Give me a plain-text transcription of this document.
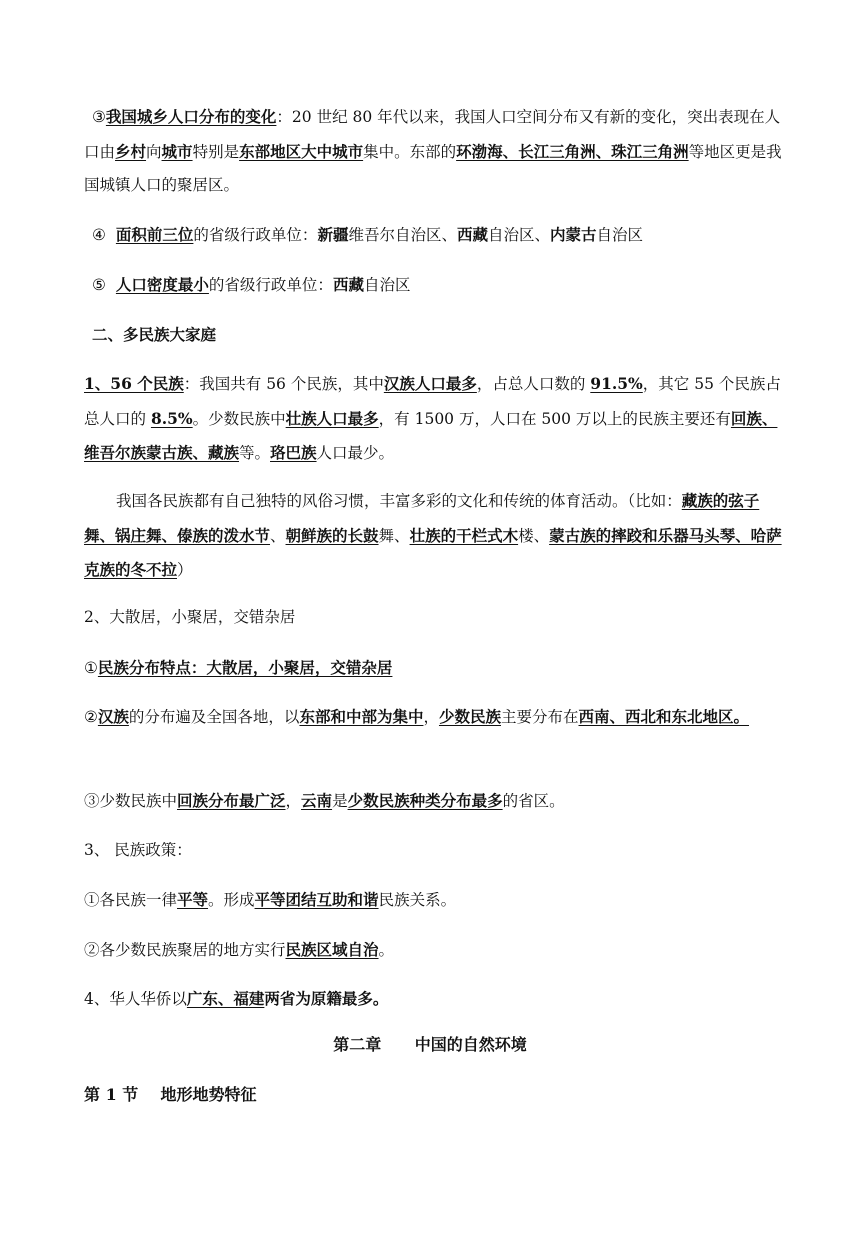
③我国城乡人口分布的变化：20 世纪 80 年代以来，我国人口空间分布又有新的变化，突出表现在人口由乡村向城市特别是东部地区大中城市集中。东部的环渤海、长江三角洲、珠江三角洲等地区更是我国城镇人口的聚居区。

④ 面积前三位的省级行政单位：新疆维吾尔自治区、西藏自治区、内蒙古自治区

⑤ 人口密度最小的省级行政单位：西藏自治区

二、多民族大家庭

1、56 个民族：我国共有 56 个民族，其中汉族人口最多，占总人口数的 91.5%，其它 55 个民族占总人口的 8.5%。少数民族中壮族人口最多，有 1500 万，人口在 500 万以上的民族主要还有回族、维吾尔族蒙古族、藏族等。珞巴族人口最少。

我国各民族都有自己独特的风俗习惯，丰富多彩的文化和传统的体育活动。（比如：藏族的弦子舞、锅庄舞、傣族的泼水节、朝鲜族的长鼓舞、壮族的干栏式木楼、蒙古族的摔跤和乐器马头琴、哈萨克族的冬不拉）

2、大散居，小聚居，交错杂居

①民族分布特点：大散居，小聚居，交错杂居

②汉族的分布遍及全国各地，以东部和中部为集中，少数民族主要分布在西南、西北和东北地区。

③少数民族中回族分布最广泛，云南是少数民族种类分布最多的省区。

3、 民族政策：

①各民族一律平等。形成平等团结互助和谐民族关系。

②各少数民族聚居的地方实行民族区域自治。

4、华人华侨以广东、福建两省为原籍最多。

第二章      中国的自然环境

第 1 节    地形地势特征
